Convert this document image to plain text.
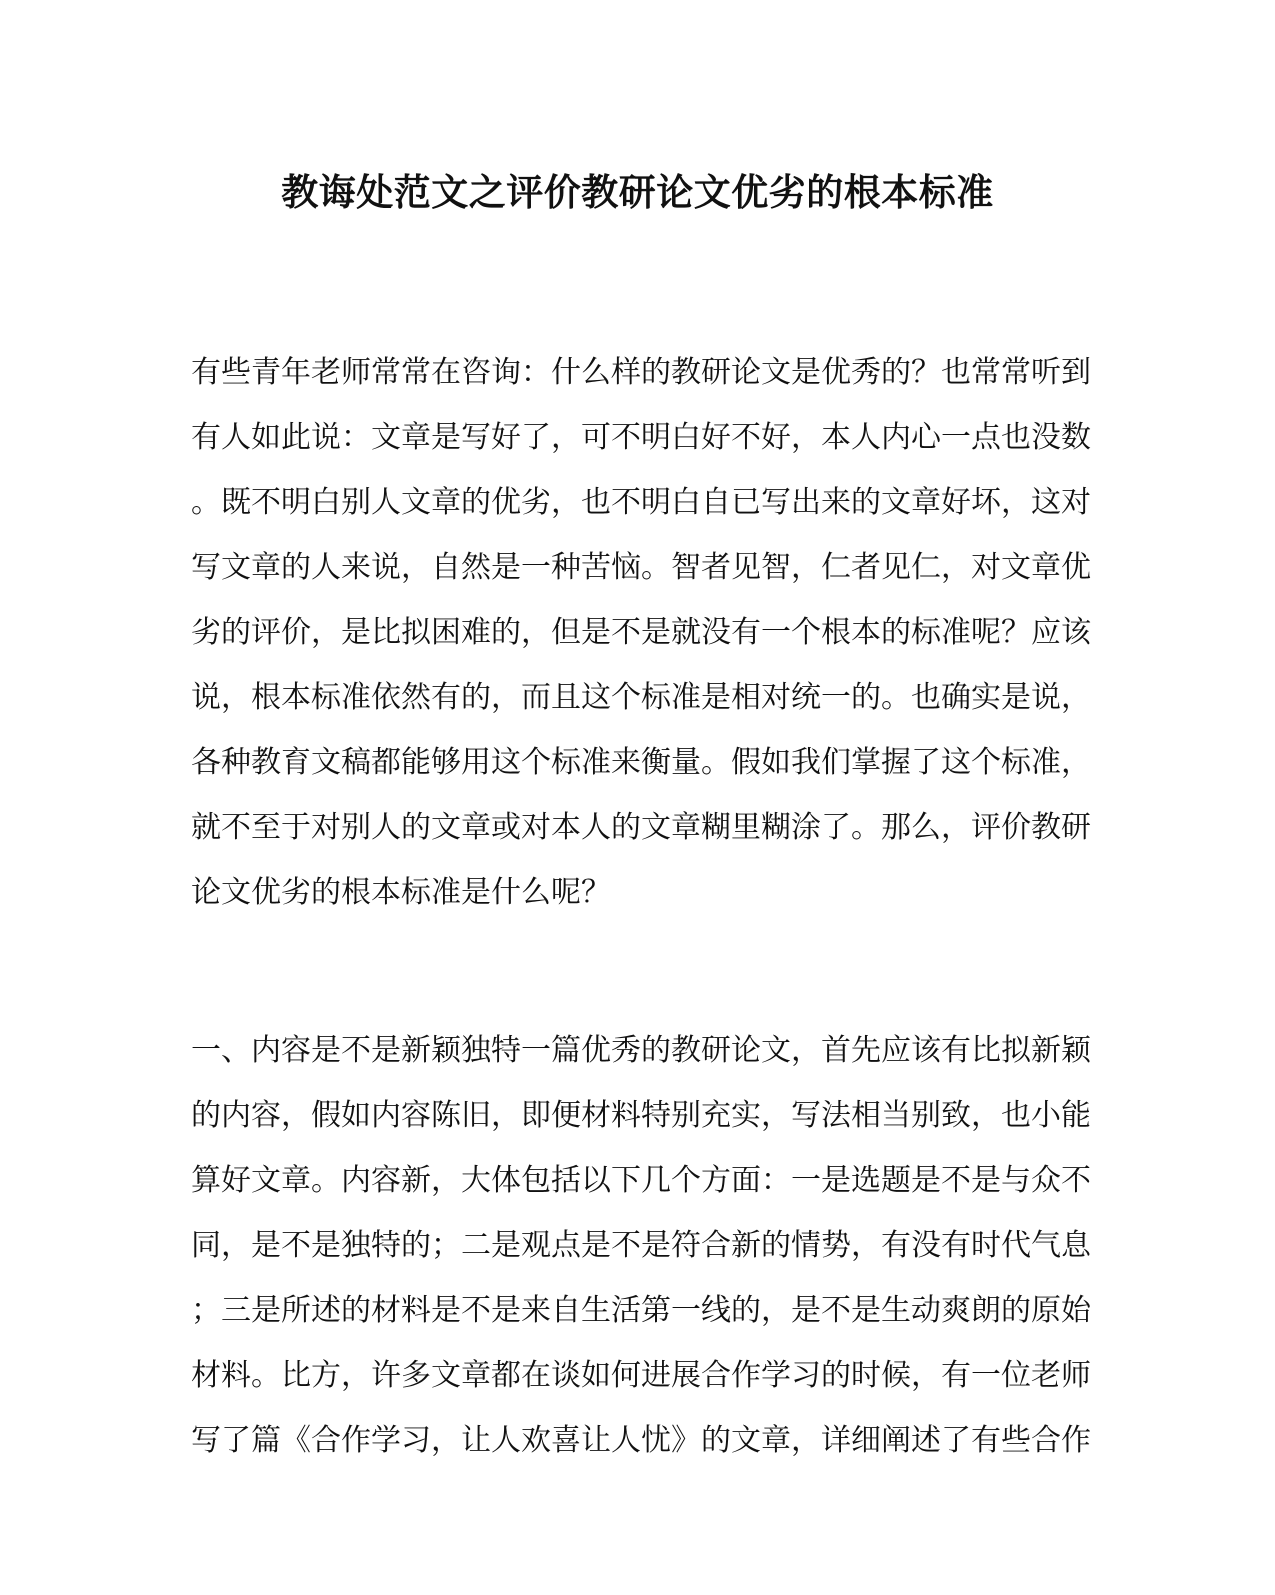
教诲处范文之评价教研论文优劣的根本标准
有些青年老师常常在咨询：什么样的教研论文是优秀的？也常常听到
有人如此说：文章是写好了，可不明白好不好，本人内心一点也没数
。既不明白别人文章的优劣，也不明白自已写出来的文章好坏，这对
写文章的人来说，自然是一种苦恼。智者见智，仁者见仁，对文章优
劣的评价，是比拟困难的，但是不是就没有一个根本的标准呢？应该
说，根本标准依然有的，而且这个标准是相对统一的。也确实是说，
各种教育文稿都能够用这个标准来衡量。假如我们掌握了这个标准，
就不至于对别人的文章或对本人的文章糊里糊涂了。那么，评价教研
论文优劣的根本标准是什么呢？
一、内容是不是新颖独特一篇优秀的教研论文，首先应该有比拟新颖
的内容，假如内容陈旧，即便材料特别充实，写法相当别致，也小能
算好文章。内容新，大体包括以下几个方面：一是选题是不是与众不
同，是不是独特的；二是观点是不是符合新的情势，有没有时代气息
；三是所述的材料是不是来自生活第一线的，是不是生动爽朗的原始
材料。比方，许多文章都在谈如何进展合作学习的时候，有一位老师
写了篇《合作学习，让人欢喜让人忧》的文章，详细阐述了有些合作
